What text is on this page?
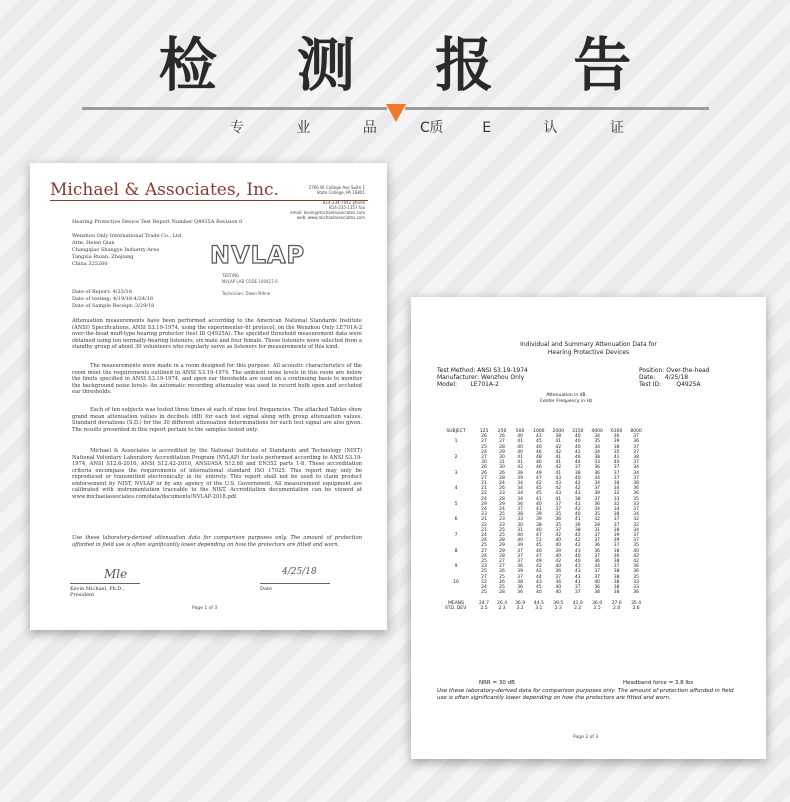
检 测 报 告
专 业 品 质
C E 认 证
Michael & Associates, Inc.	2766 W. College Ave Suite 1
State College, PA 16801

814-234-7042 phone
814-235-1357 fax
email: kevin@michaelassociates.com
web: www.michaelassociates.com
Hearing Protective Device Test Report Number Q4925A Revision 0
Wenzhou Only International Trade Co., Ltd.
Attn: Helen Qian
Changqiao Shangye Industry Area
Tangxia Ruian, Zhejiang
China 325200	NVLAP
TESTING
NVLAP LAB CODE 100427-0

Technician: Dawn Mihne
Date of Report: 4/25/18
Date of testing: 4/19/18-4/24/18
Date of Sample Receipt: 3/29/18
Attenuation measurements have been performed according to the American National Standards Institute (ANSI) Specifications, ANSI S3.19-1974, using the experimenter-fit protocol, on the Wenzhou Only LE701A-2 over-the-head muff-type hearing protector (test ID Q4925A). The specified threshold measurement data were obtained using ten normally-hearing listeners, six male and four female. These listeners were selected from a standby group of about 30 volunteers who regularly serve as listeners for measurements of this kind.
The measurements were made in a room designed for this purpose. All acoustic characteristics of the room meet the requirements outlined in ANSI S3.19-1974. The ambient noise levels in this room are below the limits specified in ANSI S3.19-1974, and open ear thresholds are used on a continuing basis to monitor the background noise levels. An automatic recording attenuator was used to record both open and occluded ear thresholds.
Each of ten subjects was tested three times at each of nine test frequencies. The attached Tables show grand mean attenuation values in decibels (dB) for each test signal along with group attenuation values. Standard deviations (S.D.) for the 30 different attenuation determinations for each test signal are also given. The results presented in this report pertain to the samples tested only.
Michael & Associates is accredited by the National Institute of Standards and Technology (NIST) National Voluntary Laboratory Accreditation Program (NVLAP) for tests performed according to ANSI S3.19-1974, ANSI S12.6-2016, ANSI S12.42-2010, ANSI/ASA S12.68 and EN352 parts 1-8. These accreditation criteria encompass the requirements of international standard ISO 17025. This report may only be reproduced or transmitted electronically in its' entirety. This report shall not be used to claim product endorsement by NIST, NVLAP or by any agency of the U.S. Government. All measurement equipment are calibrated with instrumentation traceable to the NIST. Accreditation documentation can be viewed at www.michaelassociates.com/data/documents/NVLAP-2018.pdf.
Use these laboratory-derived attenuation data for comparison purposes only. The amount of protection afforded in field use is often significantly lower depending on how the protectors are fitted and worn.
Mle	4/25/18
Kevin Michael, Ph.D., President
Date
Page 1 of 3
Individual and Summary Attenuation Data for
Hearing Protective Devices
Test Method: ANSI S3.19-1974
Manufacturer: Wenzhou Only
Model:       LE701A-2
Position: Over-the-head
Date:     4/25/18
Test ID:        Q4925A
Attenuation in dB
Center Frequency in Hz
SUBJECT	125	250	500	1000	2000	3150	4000	6300	8000
	26	26	40	43	38	40	34	36	37
1	27	27	41	45	41	40	35	39	36
	25	28	40	46	42	40	34	38	37
	24	29	40	46	42	42	34	35	37
2	27	30	41	48	41	46	38	41	38
	30	31	41	46	41	44	33	40	37
	26	30	42	46	42	37	36	37	34
3	26	26	38	49	41	38	36	37	34
	27	28	39	47	43	40	34	37	37
	21	24	34	42	43	42	34	38	38
4	21	26	34	45	42	42	37	34	36
	22	23	34	45	43	43	39	32	36
	24	28	34	41	41	38	37	33	35
5	29	29	36	40	37	41	36	32	33
	24	24	37	41	37	42	34	34	37
	23	25	38	39	35	40	35	38	34
6	21	23	33	39	36	41	32	37	32
	22	23	30	38	35	36	28	37	32
	21	25	31	40	37	38	31	38	34
7	24	25	40	47	42	42	37	39	37
	24	28	40	51	40	42	37	39	37
	25	29	39	45	40	42	36	37	35
8	27	29	37	46	39	43	36	38	40
	24	28	37	47	40	40	37	36	42
	25	27	37	49	42	40	36	38	42
9	23	27	36	42	40	43	34	37	36
	25	26	39	42	36	43	37	38	36
	27	25	37	44	37	43	37	38	35
10	22	26	38	43	36	41	40	38	33
	24	25	36	45	40	37	36	38	33
	25	28	36	40	40	37	38	38	36

MEANS	24.7	26.4	36.9	44.5	39.5	41.0	36.0	37.0	35.4
STD. DEV.	2.5	2.3	3.2	3.1	2.3	2.2	2.5	2.0	2.6
NRR = 30 dB	Headband force = 3.8 lbs
Use these laboratory-derived data for comparison purposes only. The amount of protection afforded in field use is often significantly lower depending on how the protectors are fitted and worn.
Page 2 of 3
